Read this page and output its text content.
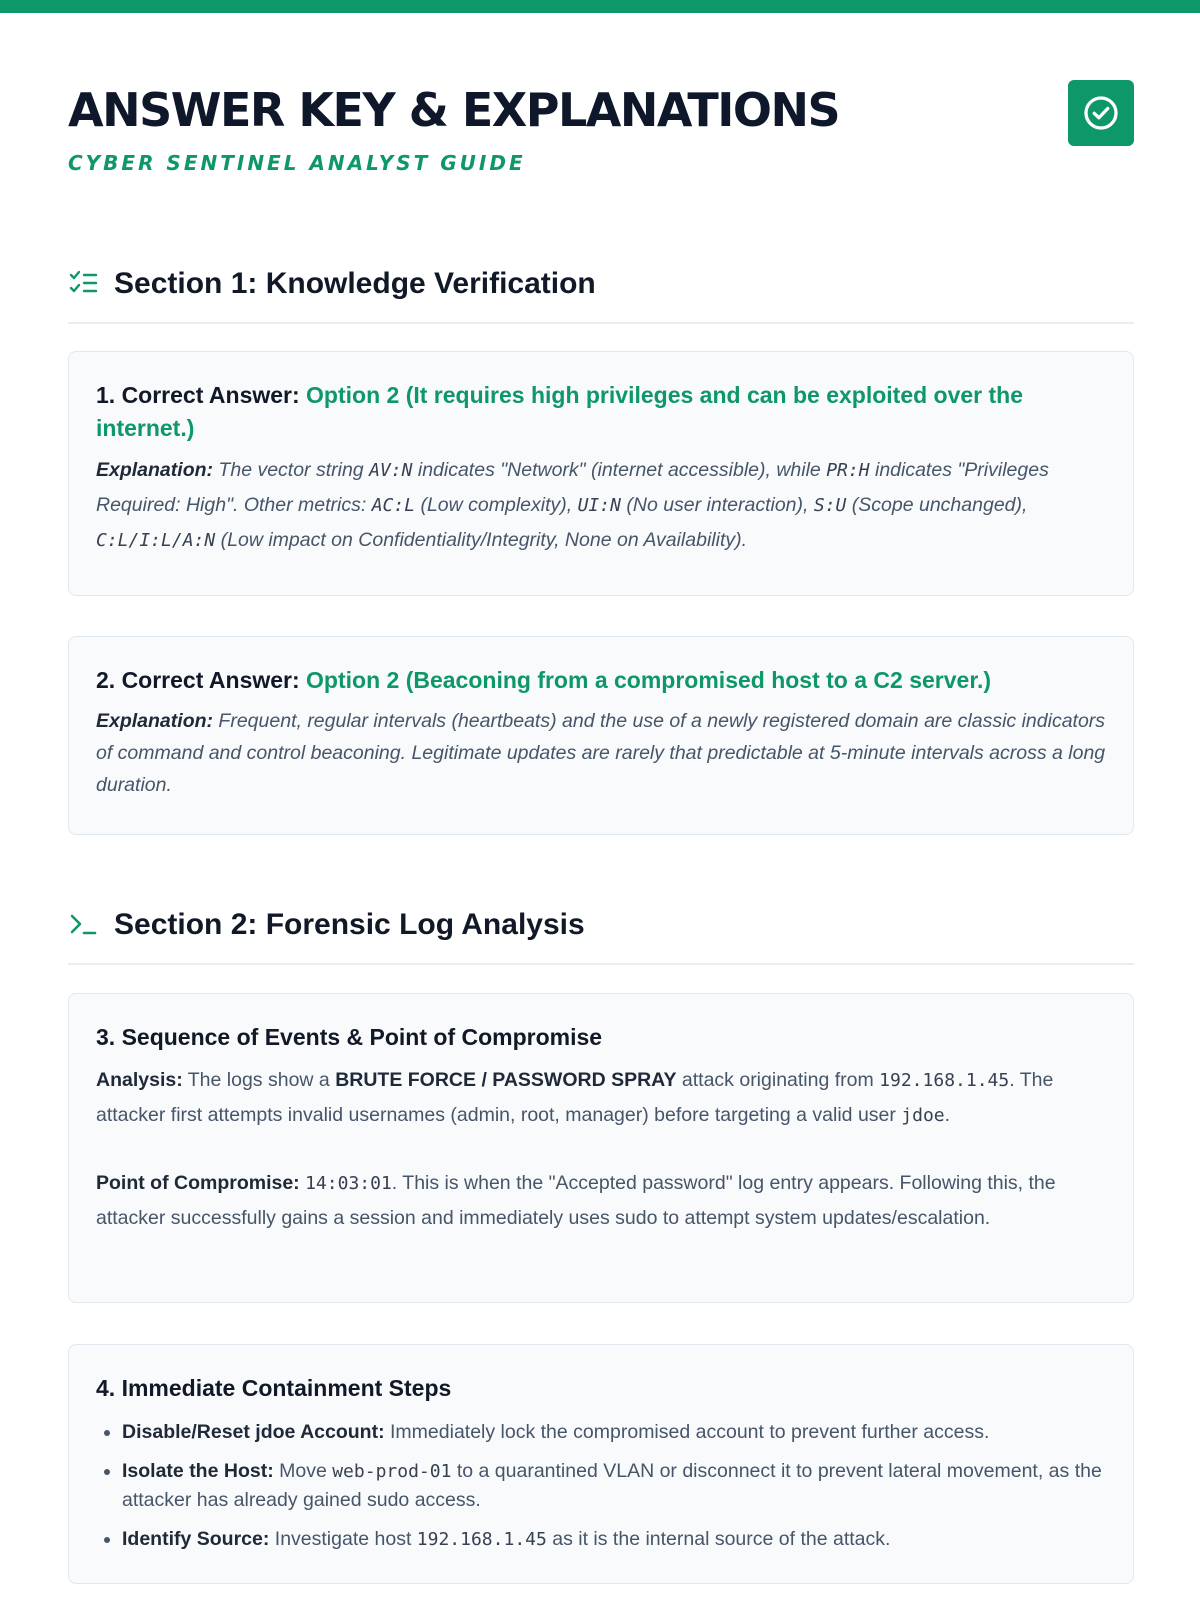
ANSWER KEY & EXPLANATIONS
CYBER SENTINEL ANALYST GUIDE
Section 1: Knowledge Verification
1. Correct Answer: Option 2 (It requires high privileges and can be exploited over the internet.)

Explanation: The vector string AV:N indicates "Network" (internet accessible), while PR:H indicates "Privileges Required: High". Other metrics: AC:L (Low complexity), UI:N (No user interaction), S:U (Scope unchanged), C:L/I:L/A:N (Low impact on Confidentiality/Integrity, None on Availability).

2. Correct Answer: Option 2 (Beaconing from a compromised host to a C2 server.)

Explanation: Frequent, regular intervals (heartbeats) and the use of a newly registered domain are classic indicators of command and control beaconing. Legitimate updates are rarely that predictable at 5-minute intervals across a long duration.

Section 2: Forensic Log Analysis
3. Sequence of Events & Point of Compromise

Analysis: The logs show a BRUTE FORCE / PASSWORD SPRAY attack originating from 192.168.1.45. The attacker first attempts invalid usernames (admin, root, manager) before targeting a valid user jdoe.

Point of Compromise: 14:03:01. This is when the "Accepted password" log entry appears. Following this, the attacker successfully gains a session and immediately uses sudo to attempt system updates/escalation.

4. Immediate Containment Steps
• Disable/Reset jdoe Account: Immediately lock the compromised account to prevent further access.
• Isolate the Host: Move web-prod-01 to a quarantined VLAN or disconnect it to prevent lateral movement, as the attacker has already gained sudo access.
• Identify Source: Investigate host 192.168.1.45 as it is the internal source of the attack.
